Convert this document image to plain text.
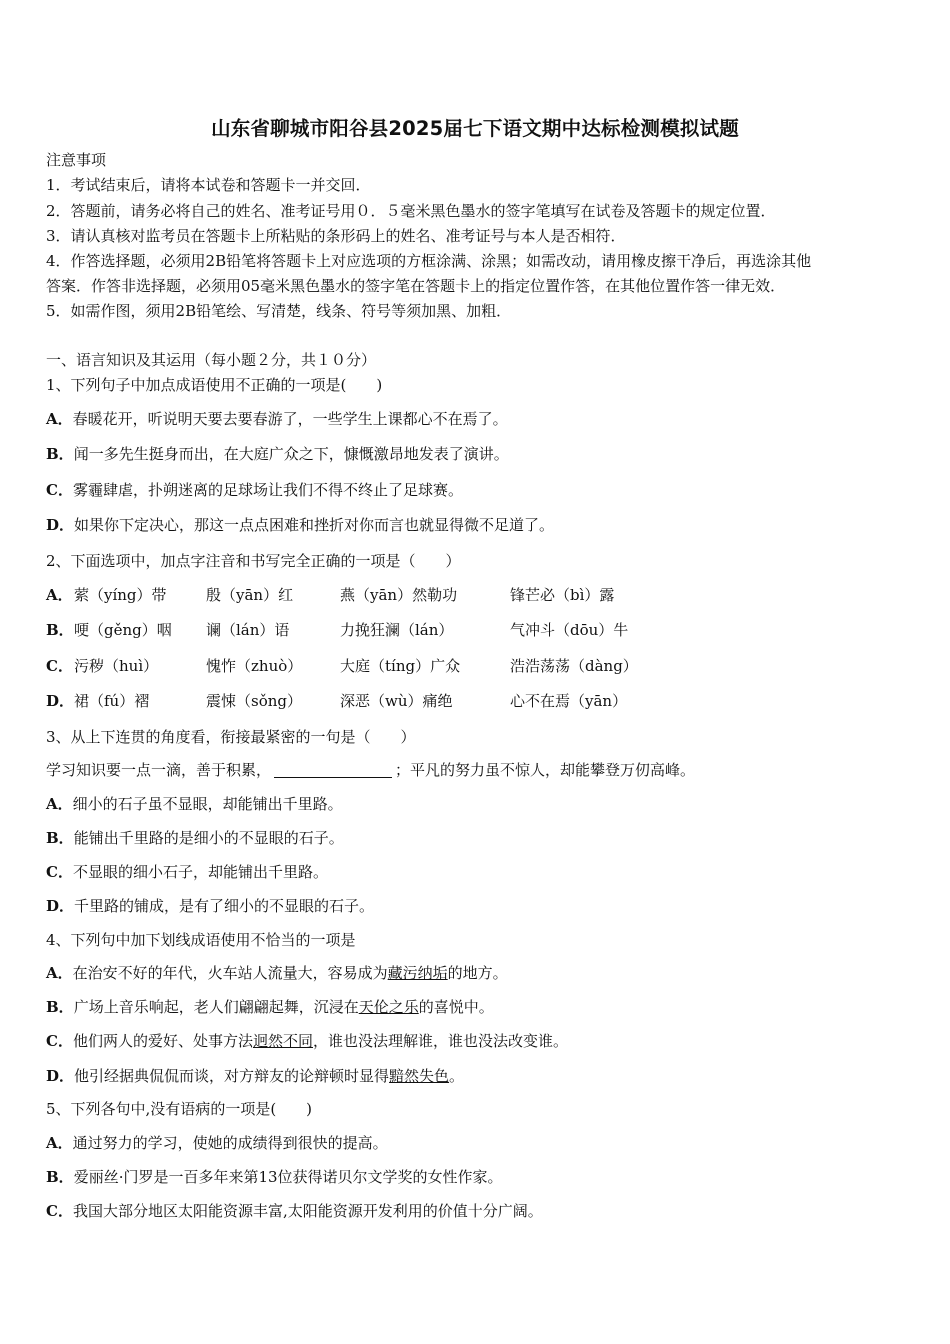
山东省聊城市阳谷县2025届七下语文期中达标检测模拟试题
注意事项
1．考试结束后，请将本试卷和答题卡一并交回．
2．答题前，请务必将自己的姓名、准考证号用０．５毫米黑色墨水的签字笔填写在试卷及答题卡的规定位置．
3．请认真核对监考员在答题卡上所粘贴的条形码上的姓名、准考证号与本人是否相符．
4．作答选择题，必须用2B铅笔将答题卡上对应选项的方框涂满、涂黑；如需改动，请用橡皮擦干净后，再选涂其他
答案．作答非选择题，必须用05毫米黑色墨水的签字笔在答题卡上的指定位置作答，在其他位置作答一律无效．
5．如需作图，须用2B铅笔绘、写清楚，线条、符号等须加黑、加粗．
一、语言知识及其运用（每小题２分，共１０分）
1、下列句子中加点成语使用不正确的一项是(　　)
A．春暖花开，听说明天要去要春游了，一些学生上课都心不在焉了。
B．闻一多先生挺身而出，在大庭广众之下，慷慨激昂地发表了演讲。
C．雾霾肆虐，扑朔迷离的足球场让我们不得不终止了足球赛。
D．如果你下定决心，那这一点点困难和挫折对你而言也就显得微不足道了。
2、下面选项中，加点字注音和书写完全正确的一项是（　　）
A． 萦（yíng）带	殷（yān）红	燕（yān）然勒功	锋芒必（bì）露
B． 哽（gěng）咽 谰（lán）语	力挽狂澜（lán）	气冲斗（dōu）牛
C． 污秽（huì）	愧怍（zhuò）	大庭（tíng）广众	浩浩荡荡（dàng）
D． 裙（fú）褶	震悚（sǒng）	深恶（wù）痛绝	心不在焉（yān）
3、从上下连贯的角度看，衔接最紧密的一句是（　　）
学习知识要一点一滴，善于积累，	；平凡的努力虽不惊人，却能攀登万仞高峰。
A．细小的石子虽不显眼，却能铺出千里路。
B．能铺出千里路的是细小的不显眼的石子。
C．不显眼的细小石子，却能铺出千里路。
D．千里路的铺成，是有了细小的不显眼的石子。
4、下列句中加下划线成语使用不恰当的一项是
A．在治安不好的年代，火车站人流量大，容易成为藏污纳垢的地方。
B．广场上音乐响起，老人们翩翩起舞，沉浸在天伦之乐的喜悦中。
C．他们两人的爱好、处事方法迥然不同，谁也没法理解谁，谁也没法改变谁。
D．他引经据典侃侃而谈，对方辩友的论辩顿时显得黯然失色。
5、下列各句中,没有语病的一项是(　　)
A．通过努力的学习，使她的成绩得到很快的提高。
B．爱丽丝·门罗是一百多年来第13位获得诺贝尔文学奖的女性作家。
C．我国大部分地区太阳能资源丰富,太阳能资源开发利用的价值十分广阔。
